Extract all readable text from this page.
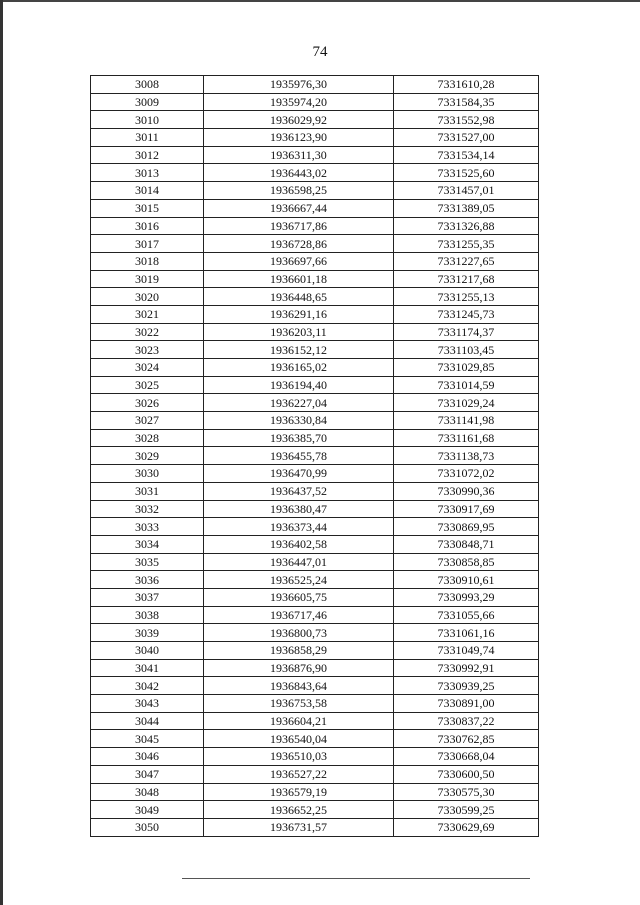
74
3008	1935976,30	7331610,28
3009	1935974,20	7331584,35
3010	1936029,92	7331552,98
3011	1936123,90	7331527,00
3012	1936311,30	7331534,14
3013	1936443,02	7331525,60
3014	1936598,25	7331457,01
3015	1936667,44	7331389,05
3016	1936717,86	7331326,88
3017	1936728,86	7331255,35
3018	1936697,66	7331227,65
3019	1936601,18	7331217,68
3020	1936448,65	7331255,13
3021	1936291,16	7331245,73
3022	1936203,11	7331174,37
3023	1936152,12	7331103,45
3024	1936165,02	7331029,85
3025	1936194,40	7331014,59
3026	1936227,04	7331029,24
3027	1936330,84	7331141,98
3028	1936385,70	7331161,68
3029	1936455,78	7331138,73
3030	1936470,99	7331072,02
3031	1936437,52	7330990,36
3032	1936380,47	7330917,69
3033	1936373,44	7330869,95
3034	1936402,58	7330848,71
3035	1936447,01	7330858,85
3036	1936525,24	7330910,61
3037	1936605,75	7330993,29
3038	1936717,46	7331055,66
3039	1936800,73	7331061,16
3040	1936858,29	7331049,74
3041	1936876,90	7330992,91
3042	1936843,64	7330939,25
3043	1936753,58	7330891,00
3044	1936604,21	7330837,22
3045	1936540,04	7330762,85
3046	1936510,03	7330668,04
3047	1936527,22	7330600,50
3048	1936579,19	7330575,30
3049	1936652,25	7330599,25
3050	1936731,57	7330629,69
